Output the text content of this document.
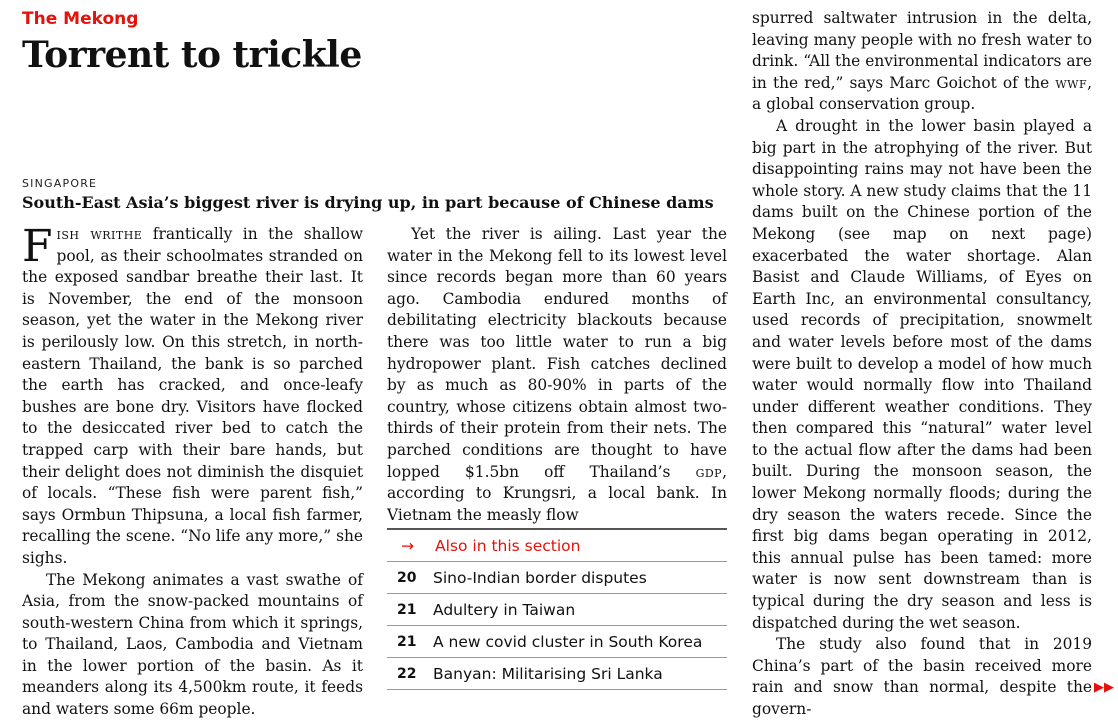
The Mekong
Torrent to trickle
SINGAPORE
South-East Asia’s biggest river is drying up, in part because of Chinese dams

Fish writhe frantically in the shallow pool, as their schoolmates stranded on the exposed sandbar breathe their last. It is November, the end of the monsoon season, yet the water in the Mekong river is perilously low. On this stretch, in north-eastern Thailand, the bank is so parched the earth has cracked, and once-leafy bushes are bone dry. Visitors have flocked to the desiccated river bed to catch the trapped carp with their bare hands, but their delight does not diminish the disquiet of locals. “These fish were parent fish,” says Ormbun Thipsuna, a local fish farmer, recalling the scene. “No life any more,” she sighs.

The Mekong animates a vast swathe of Asia, from the snow-packed mountains of south-western China from which it springs, to Thailand, Laos, Cambodia and Vietnam in the lower portion of the basin. As it meanders along its 4,500km route, it feeds and waters some 66m people.

Yet the river is ailing. Last year the water in the Mekong fell to its lowest level since records began more than 60 years ago. Cambodia endured months of debilitating electricity blackouts because there was too little water to run a big hydropower plant. Fish catches declined by as much as 80-90% in parts of the country, whose citizens obtain almost two-thirds of their protein from their nets. The parched conditions are thought to have lopped $1.5bn off Thailand’s gdp, according to Krungsri, a local bank. In Vietnam the measly flow

→	Also in this section
20	Sino-Indian border disputes
21	Adultery in Taiwan
21	A new covid cluster in South Korea
22	Banyan: Militarising Sri Lanka

spurred saltwater intrusion in the delta, leaving many people with no fresh water to drink. “All the environmental indicators are in the red,” says Marc Goichot of the wwf, a global conservation group.

A drought in the lower basin played a big part in the atrophying of the river. But disappointing rains may not have been the whole story. A new study claims that the 11 dams built on the Chinese portion of the Mekong (see map on next page) exacerbated the water shortage. Alan Basist and Claude Williams, of Eyes on Earth Inc, an environmental consultancy, used records of precipitation, snowmelt and water levels before most of the dams were built to develop a model of how much water would normally flow into Thailand under different weather conditions. They then compared this “natural” water level to the actual flow after the dams had been built. During the monsoon season, the lower Mekong normally floods; during the dry season the waters recede. Since the first big dams began operating in 2012, this annual pulse has been tamed: more water is now sent downstream than is typical during the dry season and less is dispatched during the wet season.

The study also found that in 2019 China’s part of the basin received more rain and snow than normal, despite the govern-

▶▶
